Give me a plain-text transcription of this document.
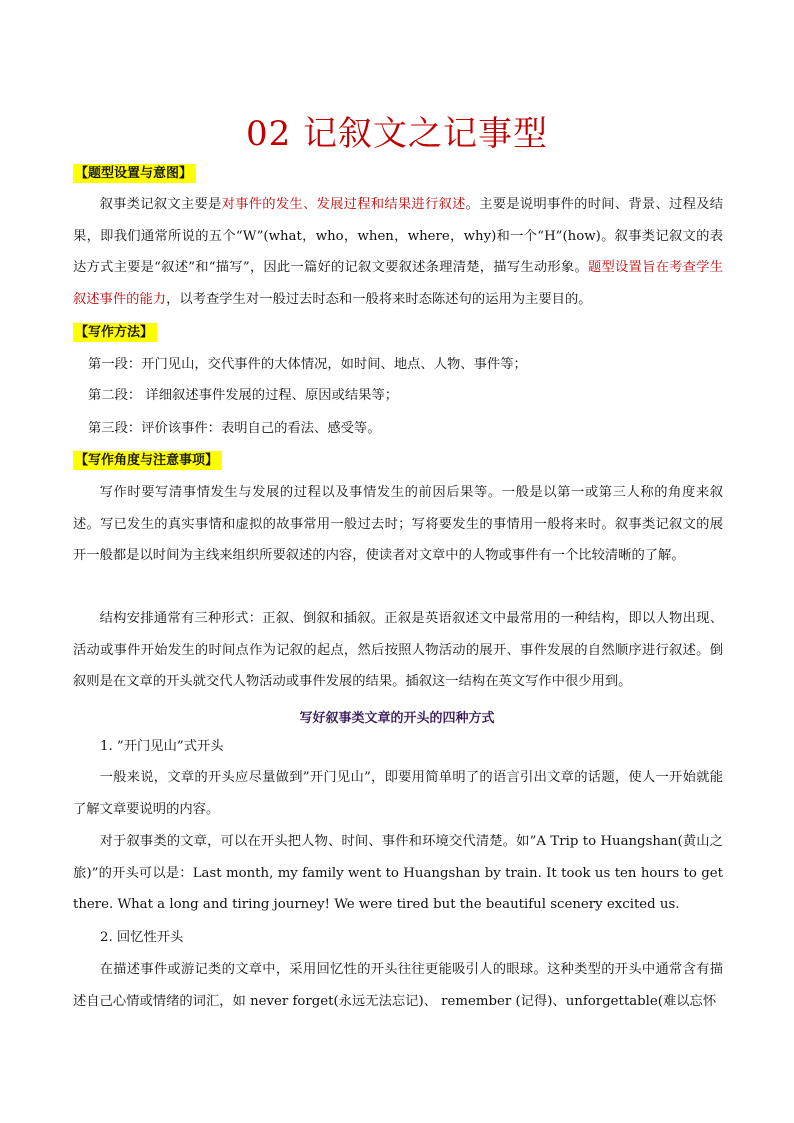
02 记叙文之记事型
【题型设置与意图】

叙事类记叙文主要是对事件的发生、发展过程和结果进行叙述。主要是说明事件的时间、背景、过程及结果，即我们通常所说的五个“W”(what，who，when，where，why)和一个“H”(how)。叙事类记叙文的表达方式主要是“叙述”和“描写”，因此一篇好的记叙文要叙述条理清楚，描写生动形象。题型设置旨在考查学生叙述事件的能力，以考查学生对一般过去时态和一般将来时态陈述句的运用为主要目的。

【写作方法】
第一段：开门见山，交代事件的大体情况，如时间、地点、人物、事件等；
第二段： 详细叙述事件发展的过程、原因或结果等；
第三段：评价该事件：表明自己的看法、感受等。
【写作角度与注意事项】

写作时要写清事情发生与发展的过程以及事情发生的前因后果等。一般是以第一或第三人称的角度来叙述。写已发生的真实事情和虚拟的故事常用一般过去时；写将要发生的事情用一般将来时。叙事类记叙文的展开一般都是以时间为主线来组织所要叙述的内容，使读者对文章中的人物或事件有一个比较清晰的了解。

结构安排通常有三种形式：正叙、倒叙和插叙。正叙是英语叙述文中最常用的一种结构，即以人物出现、活动或事件开始发生的时间点作为记叙的起点，然后按照人物活动的展开、事件发展的自然顺序进行叙述。倒叙则是在文章的开头就交代人物活动或事件发展的结果。插叙这一结构在英文写作中很少用到。

写好叙事类文章的开头的四种方式
1. ”开门见山”式开头

一般来说，文章的开头应尽量做到”开门见山”，即要用简单明了的语言引出文章的话题，使人一开始就能了解文章要说明的内容。

对于叙事类的文章，可以在开头把人物、时间、事件和环境交代清楚。如”A Trip to Huangshan(黄山之旅)”的开头可以是：Last month, my family went to Huangshan by train. It took us ten hours to get there. What a long and tiring journey! We were tired but the beautiful scenery excited us.

2. 回忆性开头

在描述事件或游记类的文章中，采用回忆性的开头往往更能吸引人的眼球。这种类型的开头中通常含有描述自己心情或情绪的词汇，如 never forget(永远无法忘记)、 remember (记得)、unforgettable(难以忘怀
